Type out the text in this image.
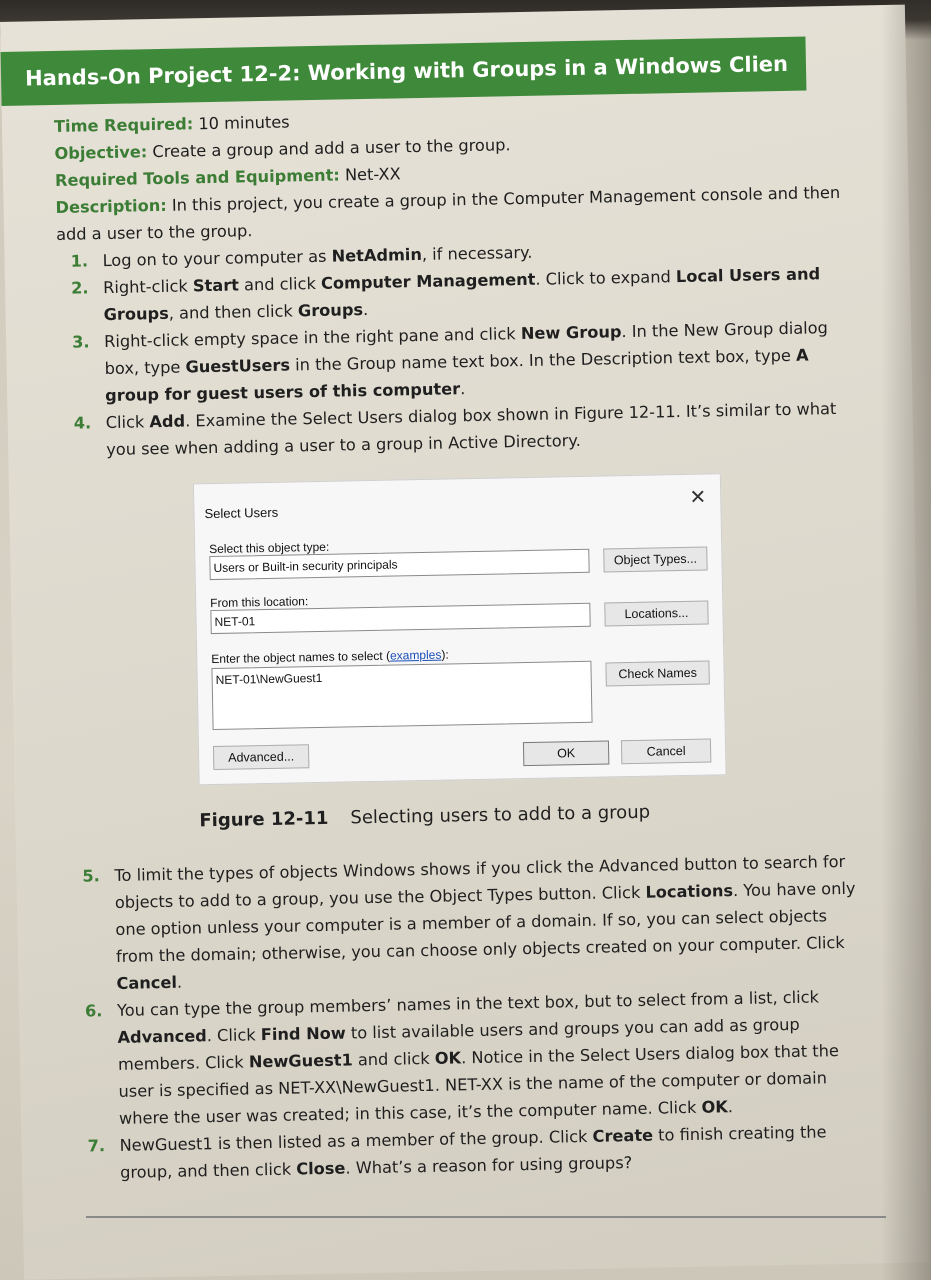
Hands-On Project 12-2: Working with Groups in a Windows Clien
Time Required: 10 minutes
Objective: Create a group and add a user to the group.
Required Tools and Equipment: Net-XX
Description: In this project, you create a group in the Computer Management console and then add a user to the group.
1. Log on to your computer as NetAdmin, if necessary.
2. Right-click Start and click Computer Management. Click to expand Local Users and Groups, and then click Groups.
3. Right-click empty space in the right pane and click New Group. In the New Group dialog box, type GuestUsers in the Group name text box. In the Description text box, type A group for guest users of this computer.
4. Click Add. Examine the Select Users dialog box shown in Figure 12-11. It’s similar to what you see when adding a user to a group in Active Directory.
Select Users
✕
Select this object type:
Users or Built-in security principals	Object Types...
From this location:
NET-01
Locations...
Enter the object names to select (examples):
NET-01\NewGuest1	Check Names
Advanced...	OK	Cancel
Figure 12-11 Selecting users to add to a group
5. To limit the types of objects Windows shows if you click the Advanced button to search for objects to add to a group, you use the Object Types button. Click Locations. You have only one option unless your computer is a member of a domain. If so, you can select objects from the domain; otherwise, you can choose only objects created on your computer. Click Cancel.
6. You can type the group members’ names in the text box, but to select from a list, click Advanced. Click Find Now to list available users and groups you can add as group members. Click NewGuest1 and click OK. Notice in the Select Users dialog box that the user is specified as NET-XX\NewGuest1. NET-XX is the name of the computer or domain where the user was created; in this case, it’s the computer name. Click OK.
7. NewGuest1 is then listed as a member of the group. Click Create to finish creating the group, and then click Close. What’s a reason for using groups?
